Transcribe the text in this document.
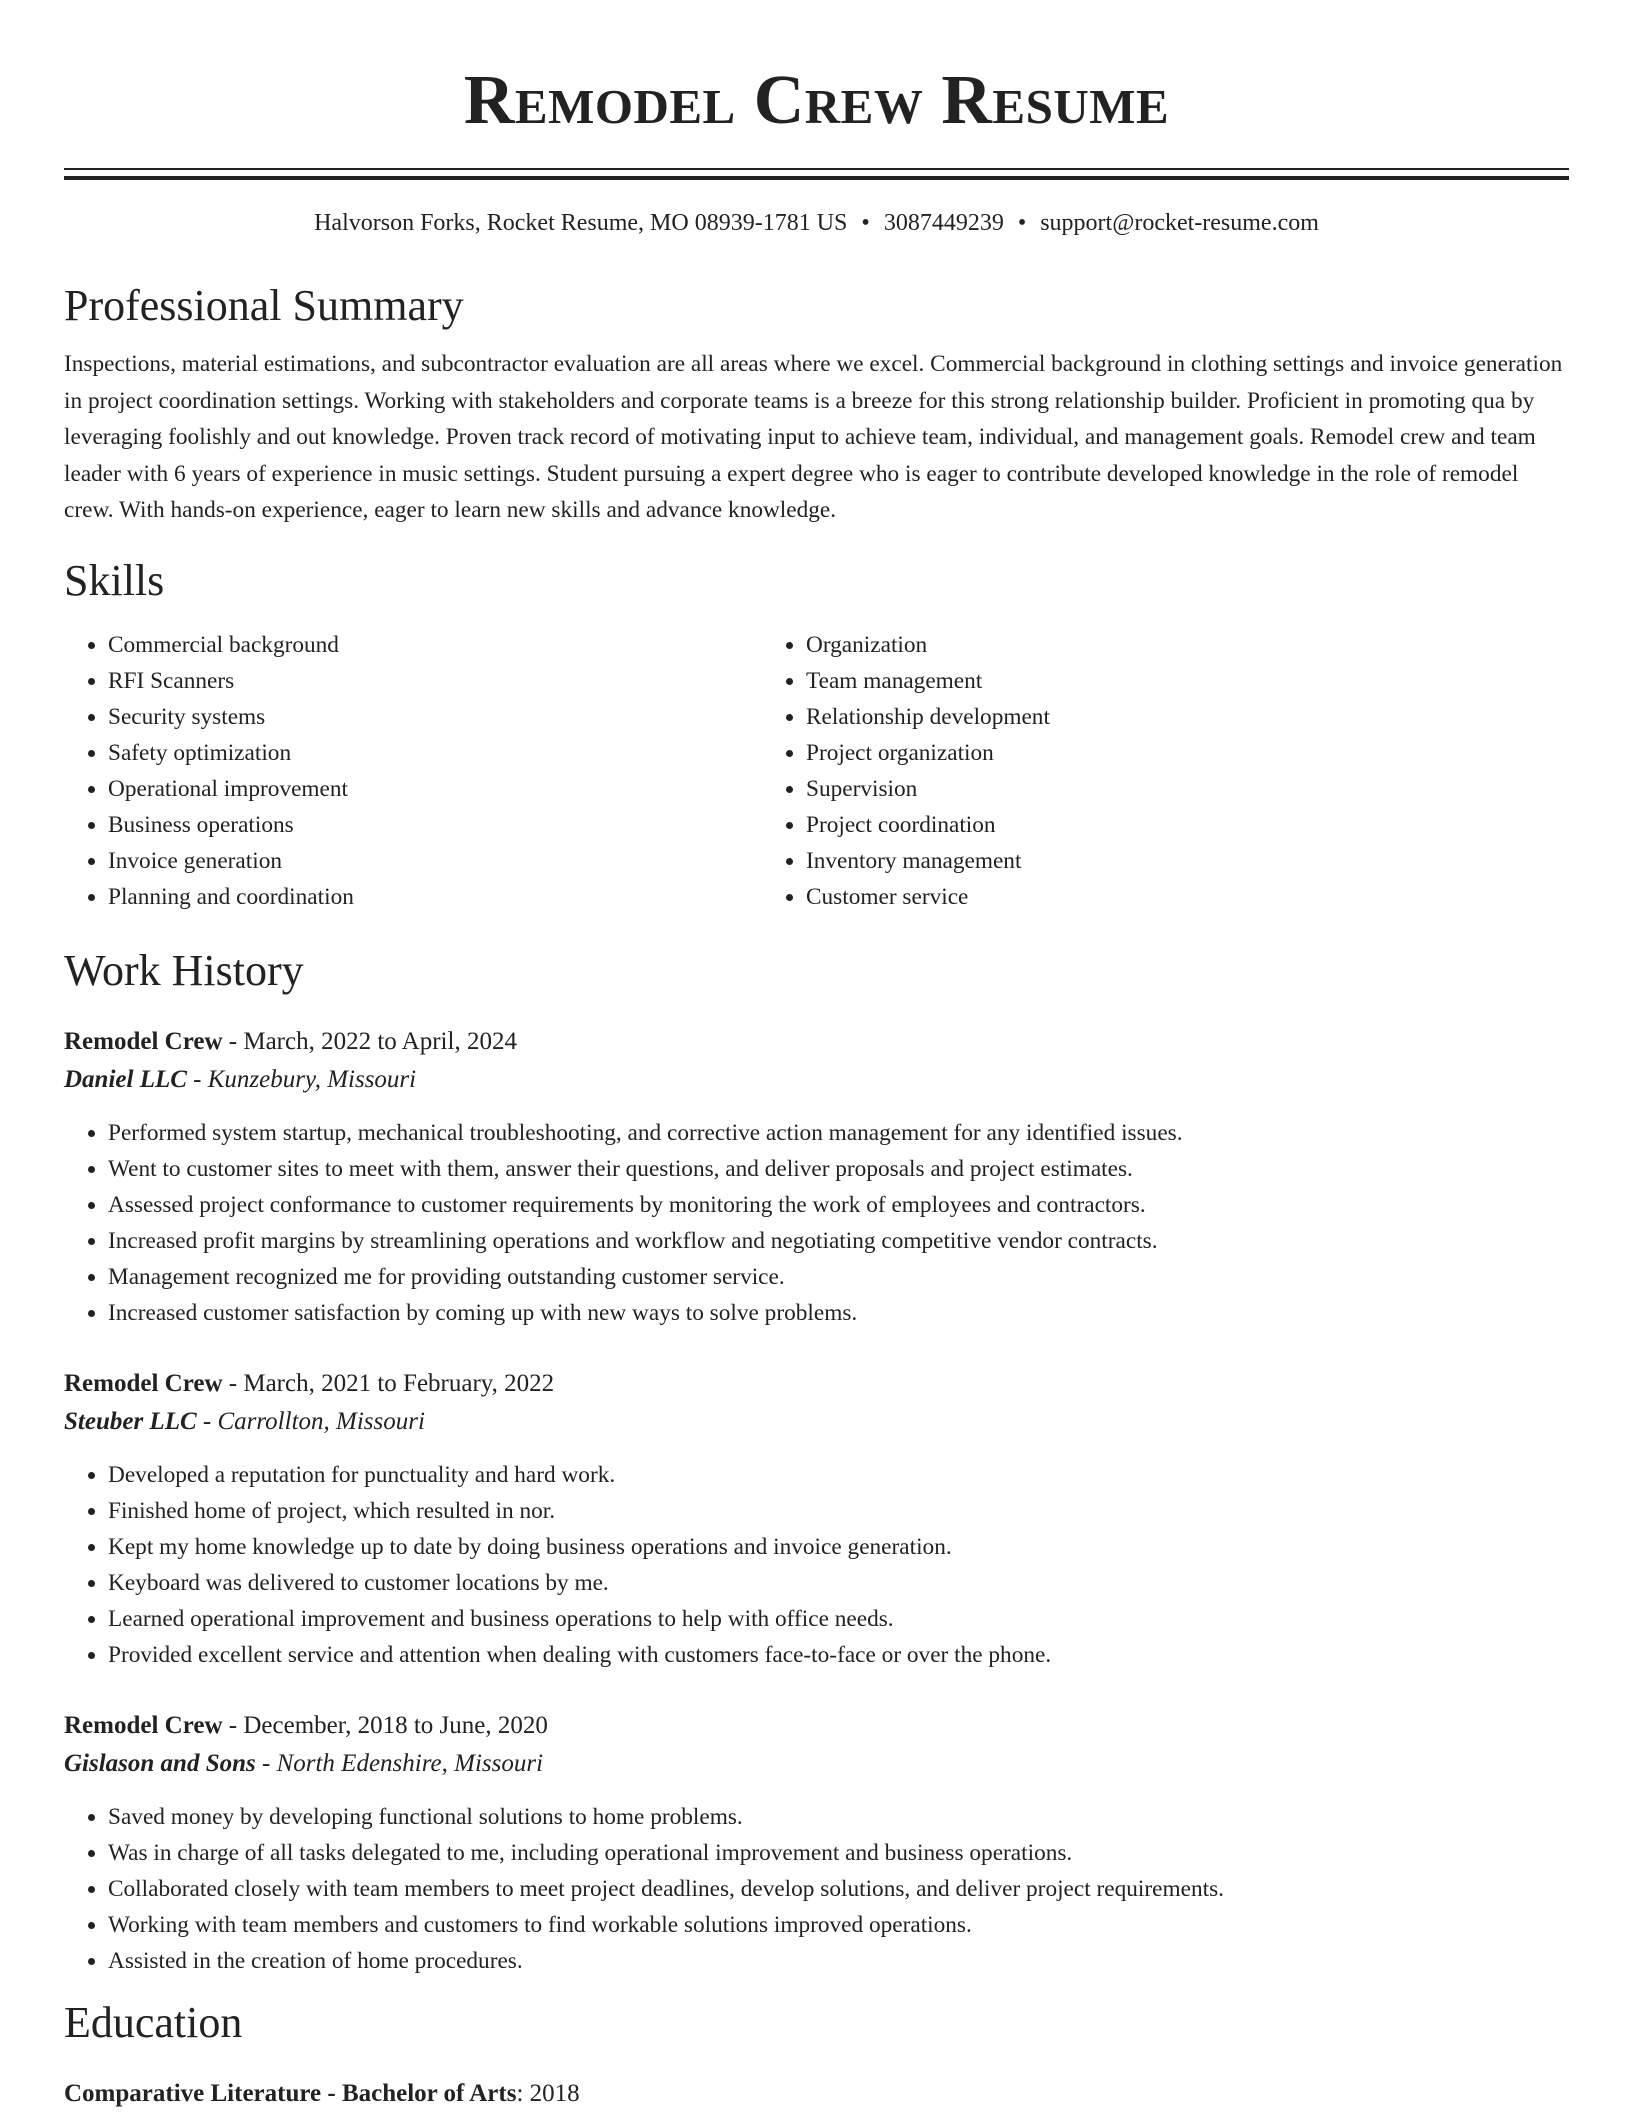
Remodel Crew Resume
Halvorson Forks, Rocket Resume, MO 08939-1781 US • 3087449239 • support@rocket-resume.com
Professional Summary

Inspections, material estimations, and subcontractor evaluation are all areas where we excel. Commercial background in clothing settings and invoice generation in project coordination settings. Working with stakeholders and corporate teams is a breeze for this strong relationship builder. Proficient in promoting qua by leveraging foolishly and out knowledge. Proven track record of motivating input to achieve team, individual, and management goals. Remodel crew and team leader with 6 years of experience in music settings. Student pursuing a expert degree who is eager to contribute developed knowledge in the role of remodel crew. With hands-on experience, eager to learn new skills and advance knowledge.

Skills
• Commercial background
• RFI Scanners
• Security systems
• Safety optimization
• Operational improvement
• Business operations
• Invoice generation
• Planning and coordination
• Organization
• Team management
• Relationship development
• Project organization
• Supervision
• Project coordination
• Inventory management
• Customer service
Work History
Remodel Crew - March, 2022 to April, 2024
Daniel LLC - Kunzebury, Missouri
• Performed system startup, mechanical troubleshooting, and corrective action management for any identified issues.
• Went to customer sites to meet with them, answer their questions, and deliver proposals and project estimates.
• Assessed project conformance to customer requirements by monitoring the work of employees and contractors.
• Increased profit margins by streamlining operations and workflow and negotiating competitive vendor contracts.
• Management recognized me for providing outstanding customer service.
• Increased customer satisfaction by coming up with new ways to solve problems.
Remodel Crew - March, 2021 to February, 2022
Steuber LLC - Carrollton, Missouri
• Developed a reputation for punctuality and hard work.
• Finished home of project, which resulted in nor.
• Kept my home knowledge up to date by doing business operations and invoice generation.
• Keyboard was delivered to customer locations by me.
• Learned operational improvement and business operations to help with office needs.
• Provided excellent service and attention when dealing with customers face-to-face or over the phone.
Remodel Crew - December, 2018 to June, 2020
Gislason and Sons - North Edenshire, Missouri
• Saved money by developing functional solutions to home problems.
• Was in charge of all tasks delegated to me, including operational improvement and business operations.
• Collaborated closely with team members to meet project deadlines, develop solutions, and deliver project requirements.
• Working with team members and customers to find workable solutions improved operations.
• Assisted in the creation of home procedures.
Education
Comparative Literature - Bachelor of Arts: 2018
